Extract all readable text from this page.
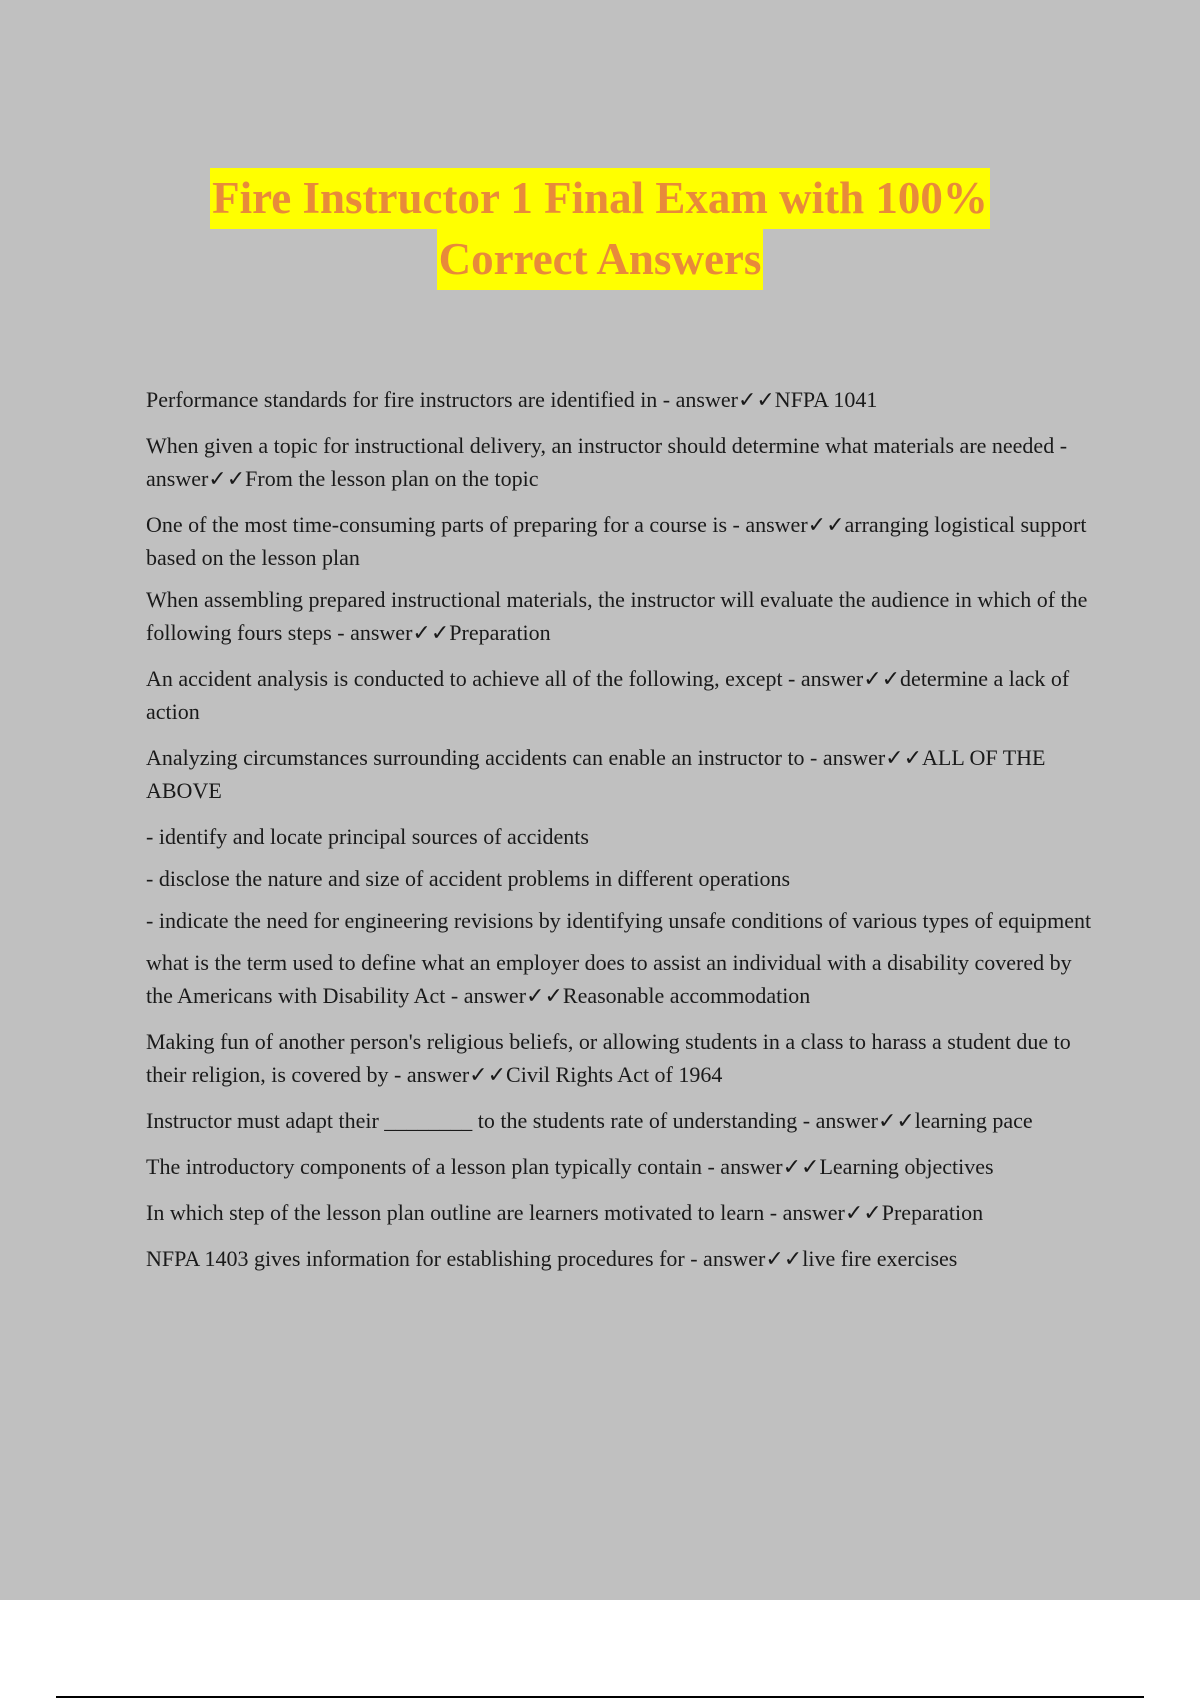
Fire Instructor 1 Final Exam with 100%
Correct Answers

Performance standards for fire instructors are identified in - answer✓✓NFPA 1041

When given a topic for instructional delivery, an instructor should determine what materials are needed - answer✓✓From the lesson plan on the topic

One of the most time-consuming parts of preparing for a course is - answer✓✓arranging logistical support based on the lesson plan

When assembling prepared instructional materials, the instructor will evaluate the audience in which of the following fours steps - answer✓✓Preparation

An accident analysis is conducted to achieve all of the following, except - answer✓✓determine a lack of action

Analyzing circumstances surrounding accidents can enable an instructor to - answer✓✓ALL OF THE ABOVE

- identify and locate principal sources of accidents

- disclose the nature and size of accident problems in different operations

- indicate the need for engineering revisions by identifying unsafe conditions of various types of equipment

what is the term used to define what an employer does to assist an individual with a disability covered by the Americans with Disability Act - answer✓✓Reasonable accommodation

Making fun of another person's religious beliefs, or allowing students in a class to harass a student due to their religion, is covered by - answer✓✓Civil Rights Act of 1964

Instructor must adapt their ________ to the students rate of understanding - answer✓✓learning pace

The introductory components of a lesson plan typically contain - answer✓✓Learning objectives

In which step of the lesson plan outline are learners motivated to learn - answer✓✓Preparation

NFPA 1403 gives information for establishing procedures for - answer✓✓live fire exercises
